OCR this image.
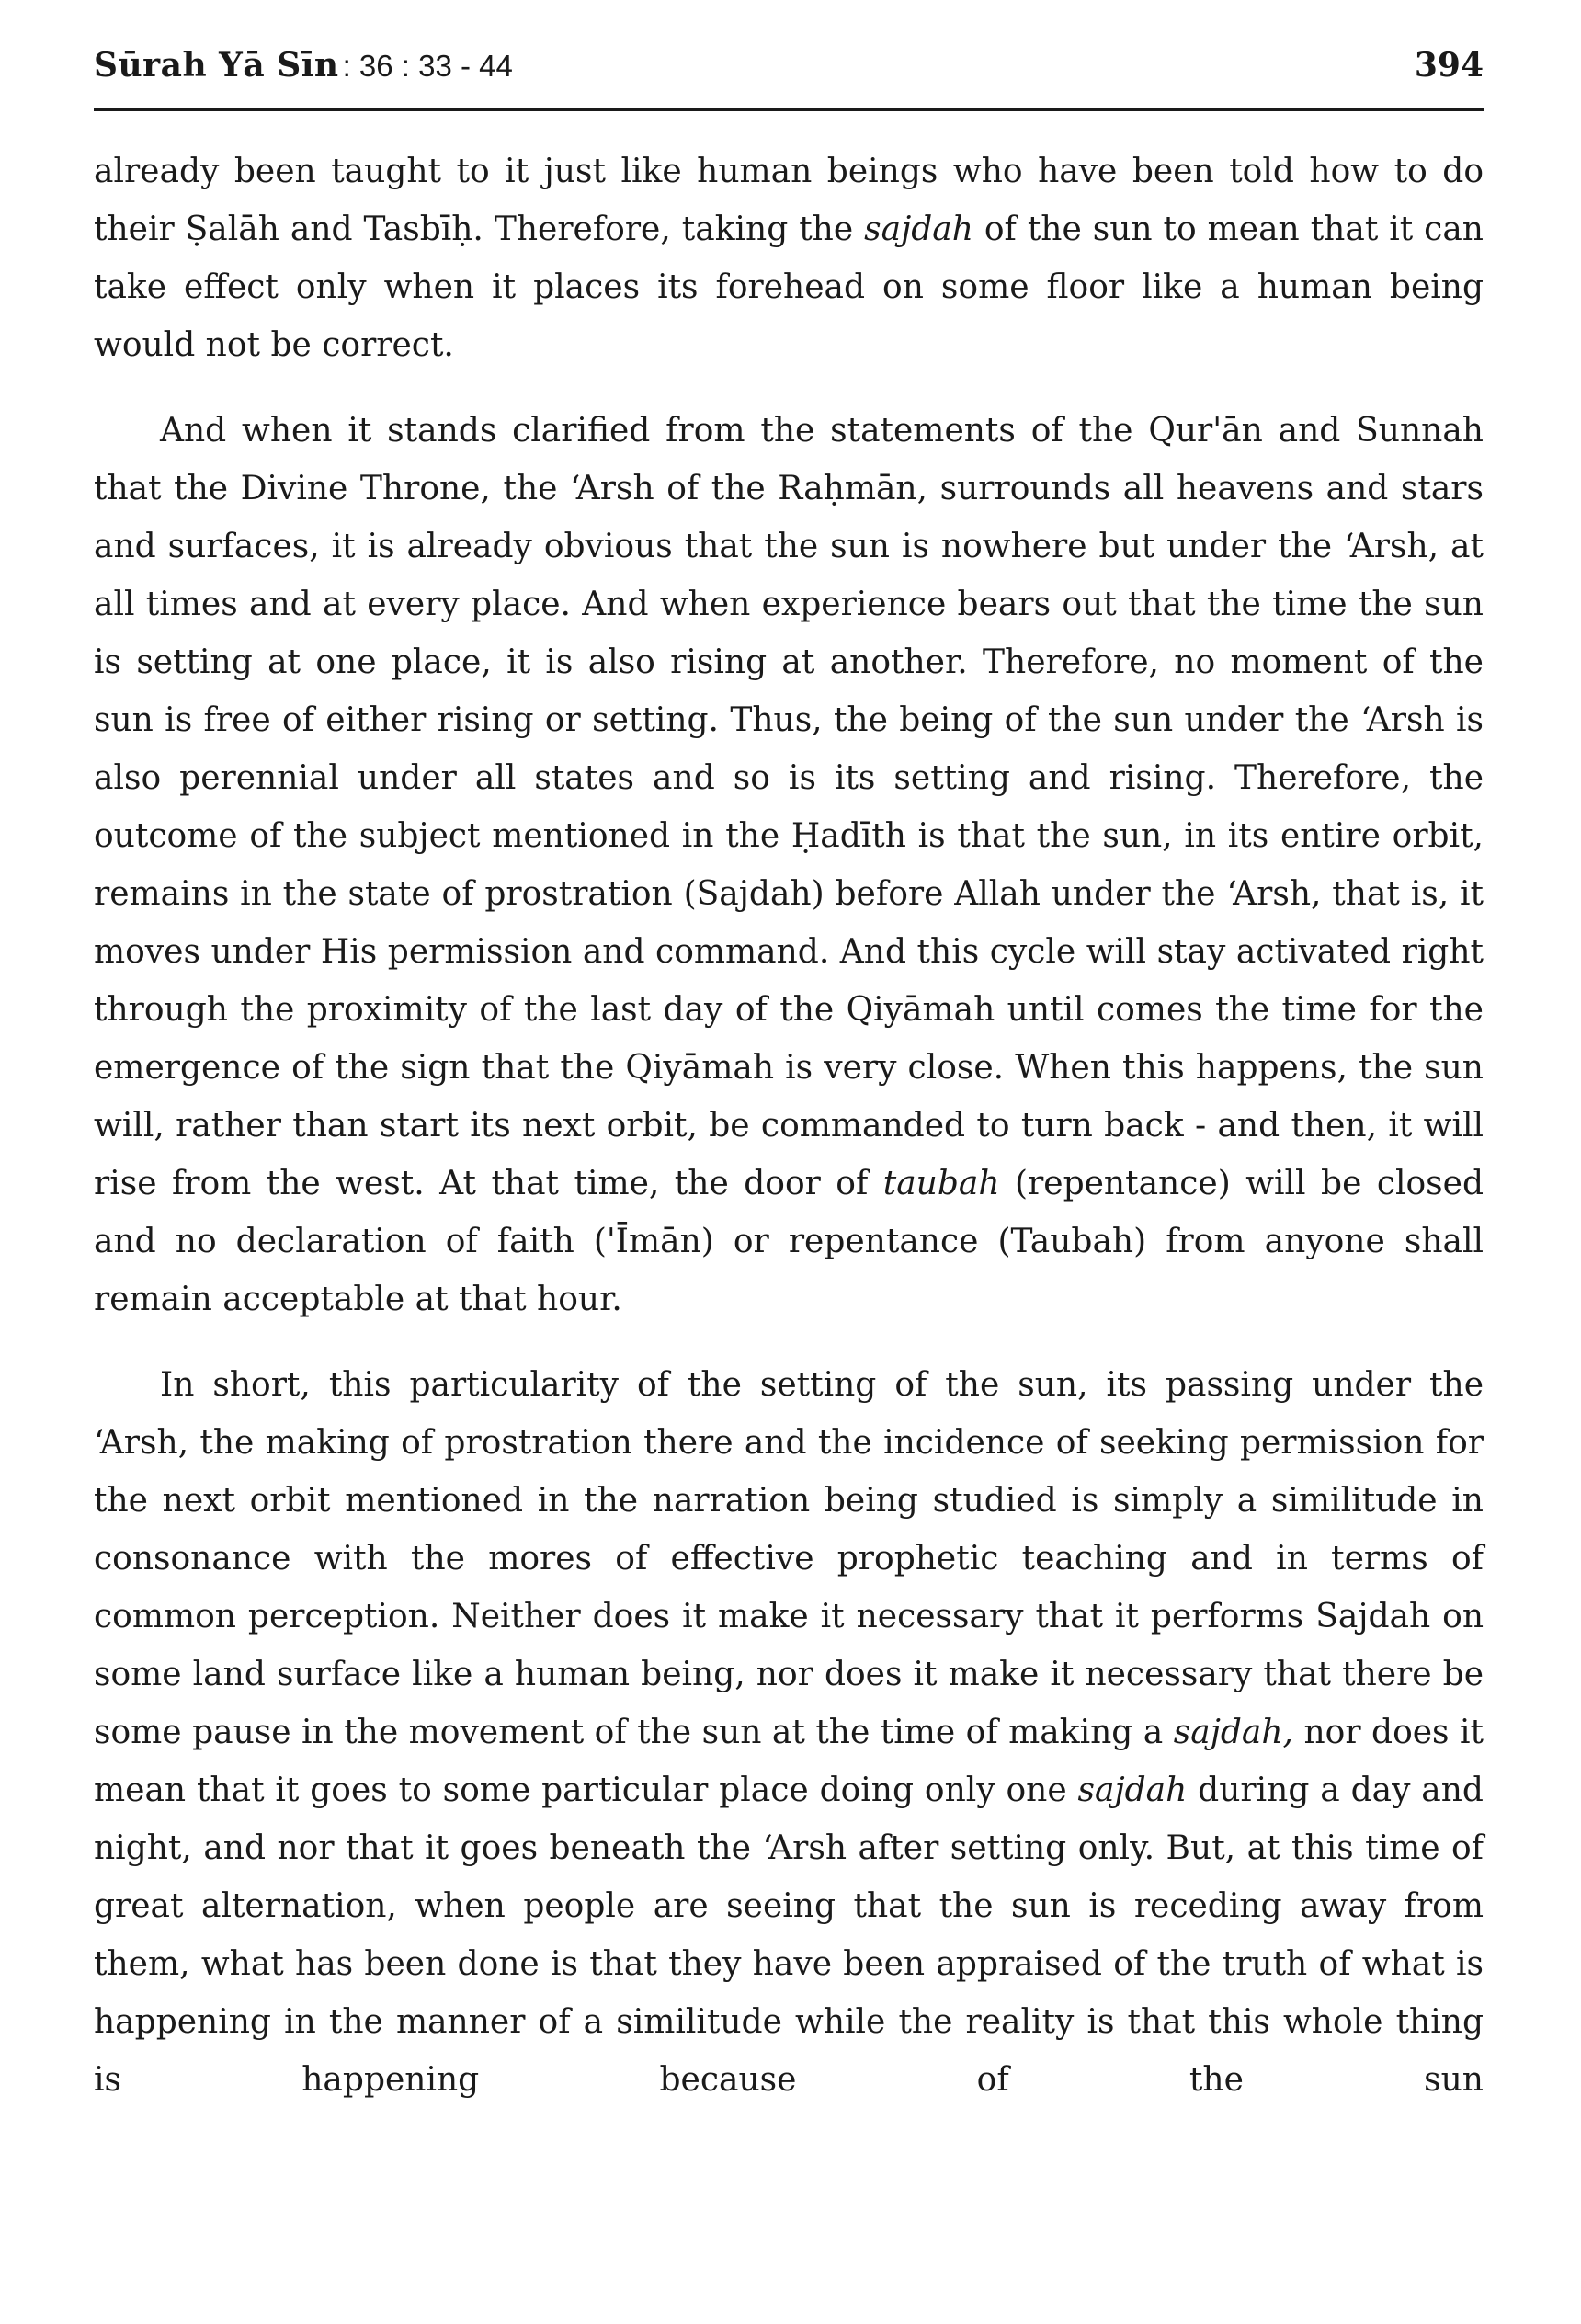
Sūrah Yā Sīn : 36 : 33 - 44	394

already been taught to it just like human beings who have been told how to do their Ṣalāh and Tasbīḥ. Therefore, taking the sajdah of the sun to mean that it can take effect only when it places its forehead on some floor like a human being would not be correct.

And when it stands clarified from the statements of the Qur'ān and Sunnah that the Divine Throne, the ‘Arsh of the Raḥmān, surrounds all heavens and stars and surfaces, it is already obvious that the sun is nowhere but under the ‘Arsh, at all times and at every place. And when experience bears out that the time the sun is setting at one place, it is also rising at another. Therefore, no moment of the sun is free of either rising or setting. Thus, the being of the sun under the ‘Arsh is also perennial under all states and so is its setting and rising. Therefore, the outcome of the subject mentioned in the Ḥadīth is that the sun, in its entire orbit, remains in the state of prostration (Sajdah) before Allah under the ‘Arsh, that is, it moves under His permission and command. And this cycle will stay activated right through the proximity of the last day of the Qiyāmah until comes the time for the emergence of the sign that the Qiyāmah is very close. When this happens, the sun will, rather than start its next orbit, be commanded to turn back - and then, it will rise from the west. At that time, the door of taubah (repentance) will be closed and no declaration of faith ('Īmān) or repentance (Taubah) from anyone shall remain acceptable at that hour.

In short, this particularity of the setting of the sun, its passing under the ‘Arsh, the making of prostration there and the incidence of seeking permission for the next orbit mentioned in the narration being studied is simply a similitude in consonance with the mores of effective prophetic teaching and in terms of common perception. Neither does it make it necessary that it performs Sajdah on some land surface like a human being, nor does it make it necessary that there be some pause in the movement of the sun at the time of making a sajdah, nor does it mean that it goes to some particular place doing only one sajdah during a day and night, and nor that it goes beneath the ‘Arsh after setting only. But, at this time of great alternation, when people are seeing that the sun is receding away from them, what has been done is that they have been appraised of the truth of what is happening in the manner of a similitude while the reality is that this whole thing is happening because of the sun
